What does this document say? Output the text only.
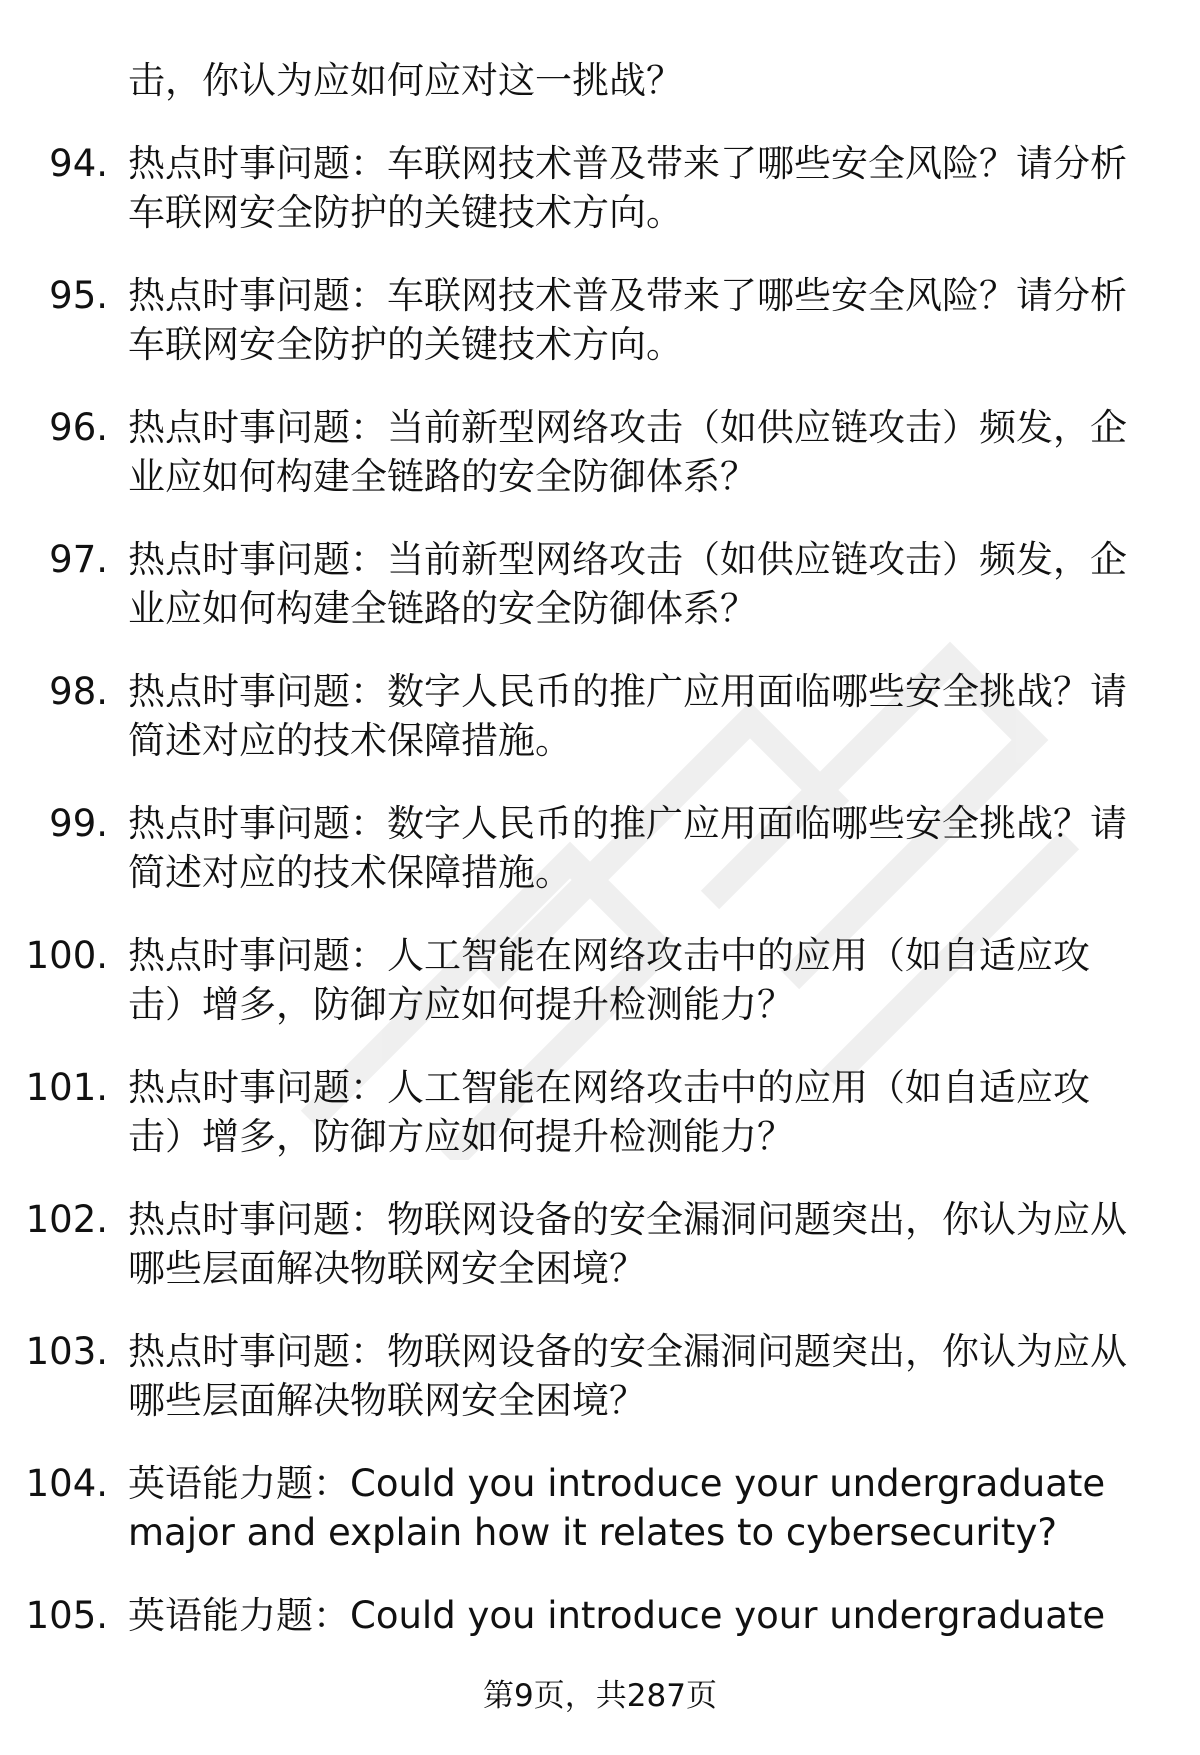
击，你认为应如何应对这一挑战？
94. 热点时事问题：车联网技术普及带来了哪些安全风险？请分析车联网安全防护的关键技术方向。
95. 热点时事问题：车联网技术普及带来了哪些安全风险？请分析车联网安全防护的关键技术方向。
96. 热点时事问题：当前新型网络攻击（如供应链攻击）频发，企业应如何构建全链路的安全防御体系？
97. 热点时事问题：当前新型网络攻击（如供应链攻击）频发，企业应如何构建全链路的安全防御体系？
98. 热点时事问题：数字人民币的推广应用面临哪些安全挑战？请简述对应的技术保障措施。
99. 热点时事问题：数字人民币的推广应用面临哪些安全挑战？请简述对应的技术保障措施。
100. 热点时事问题：人工智能在网络攻击中的应用（如自适应攻击）增多，防御方应如何提升检测能力？
101. 热点时事问题：人工智能在网络攻击中的应用（如自适应攻击）增多，防御方应如何提升检测能力？
102. 热点时事问题：物联网设备的安全漏洞问题突出，你认为应从哪些层面解决物联网安全困境？
103. 热点时事问题：物联网设备的安全漏洞问题突出，你认为应从哪些层面解决物联网安全困境？
104. 英语能力题：Could you introduce your undergraduate major and explain how it relates to cybersecurity?
105. 英语能力题：Could you introduce your undergraduate
第9页，共287页
